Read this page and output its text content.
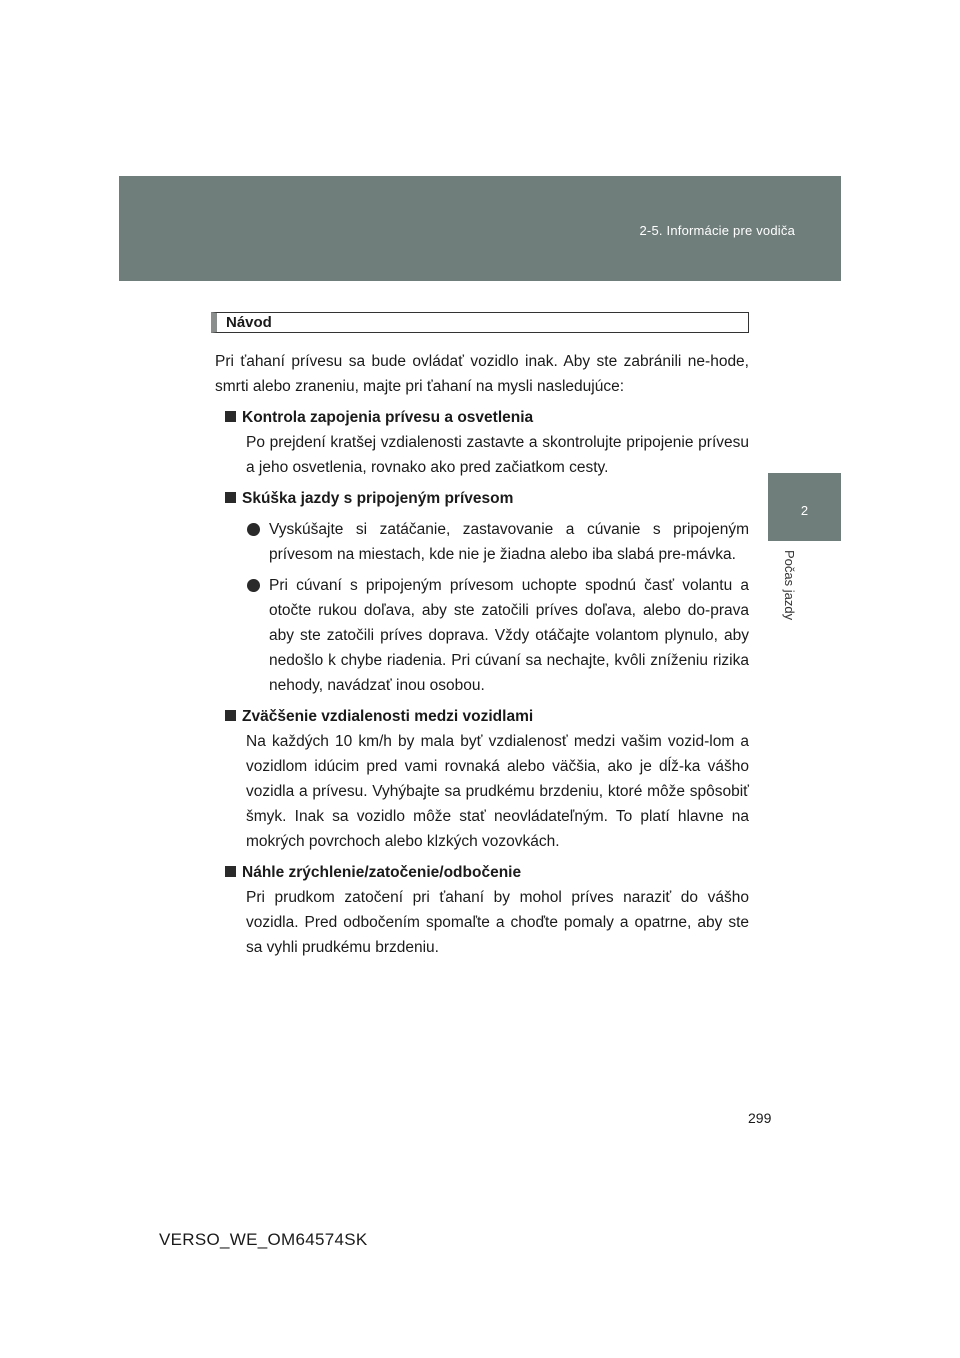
2-5. Informácie pre vodiča
2
Počas jazdy
Návod
Pri ťahaní prívesu sa bude ovládať vozidlo inak. Aby ste zabránili ne-hode, smrti alebo zraneniu, majte pri ťahaní na mysli nasledujúce:
Kontrola zapojenia prívesu a osvetlenia
Po prejdení kratšej vzdialenosti zastavte a skontrolujte pripojenie prívesu a jeho osvetlenia, rovnako ako pred začiatkom cesty.
Skúška jazdy s pripojeným prívesom
Vyskúšajte si zatáčanie, zastavovanie a cúvanie s pripojeným prívesom na miestach, kde nie je žiadna alebo iba slabá pre-mávka.
Pri cúvaní s pripojeným prívesom uchopte spodnú časť volantu a otočte rukou doľava, aby ste zatočili príves doľava, alebo do-prava aby ste zatočili príves doprava. Vždy otáčajte volantom plynulo, aby nedošlo k chybe riadenia. Pri cúvaní sa nechajte, kvôli zníženiu rizika nehody, navádzať inou osobou.
Zväčšenie vzdialenosti medzi vozidlami
Na každých 10 km/h by mala byť vzdialenosť medzi vašim vozid-lom a vozidlom idúcim pred vami rovnaká alebo väčšia, ako je dĺž-ka vášho vozidla a prívesu. Vyhýbajte sa prudkému brzdeniu, ktoré môže spôsobiť šmyk. Inak sa vozidlo môže stať neovládateľným. To platí hlavne na mokrých povrchoch alebo klzkých vozovkách.
Náhle zrýchlenie/zatočenie/odbočenie
Pri prudkom zatočení pri ťahaní by mohol príves naraziť do vášho vozidla. Pred odbočením spomaľte a choďte pomaly a opatrne, aby ste sa vyhli prudkému brzdeniu.
299
VERSO_WE_OM64574SK
